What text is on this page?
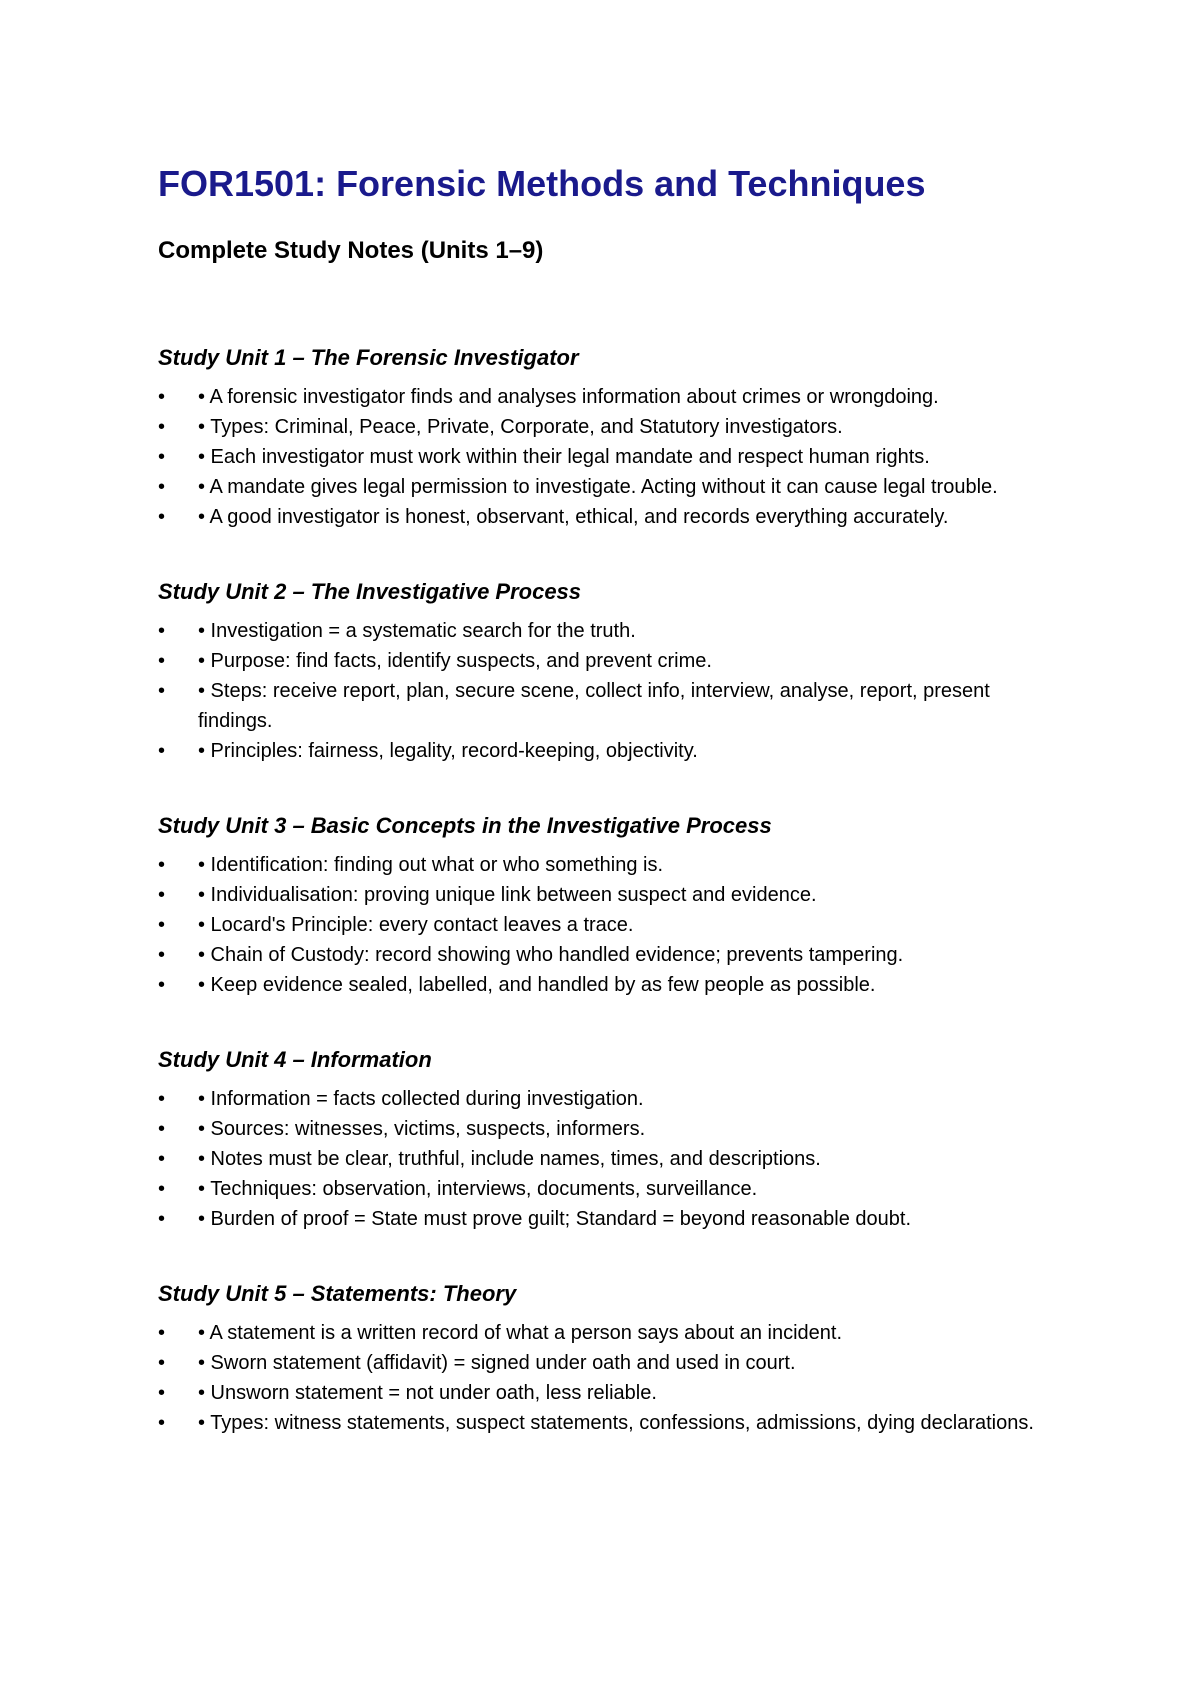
FOR1501: Forensic Methods and Techniques
Complete Study Notes (Units 1–9)
Study Unit 1 – The Forensic Investigator
• • A forensic investigator finds and analyses information about crimes or wrongdoing.
• • Types: Criminal, Peace, Private, Corporate, and Statutory investigators.
• • Each investigator must work within their legal mandate and respect human rights.
• • A mandate gives legal permission to investigate. Acting without it can cause legal trouble.
• • A good investigator is honest, observant, ethical, and records everything accurately.
Study Unit 2 – The Investigative Process
• • Investigation = a systematic search for the truth.
• • Purpose: find facts, identify suspects, and prevent crime.
• • Steps: receive report, plan, secure scene, collect info, interview, analyse, report, present findings.
• • Principles: fairness, legality, record-keeping, objectivity.
Study Unit 3 – Basic Concepts in the Investigative Process
• • Identification: finding out what or who something is.
• • Individualisation: proving unique link between suspect and evidence.
• • Locard's Principle: every contact leaves a trace.
• • Chain of Custody: record showing who handled evidence; prevents tampering.
• • Keep evidence sealed, labelled, and handled by as few people as possible.
Study Unit 4 – Information
• • Information = facts collected during investigation.
• • Sources: witnesses, victims, suspects, informers.
• • Notes must be clear, truthful, include names, times, and descriptions.
• • Techniques: observation, interviews, documents, surveillance.
• • Burden of proof = State must prove guilt; Standard = beyond reasonable doubt.
Study Unit 5 – Statements: Theory
• • A statement is a written record of what a person says about an incident.
• • Sworn statement (affidavit) = signed under oath and used in court.
• • Unsworn statement = not under oath, less reliable.
• • Types: witness statements, suspect statements, confessions, admissions, dying declarations.
